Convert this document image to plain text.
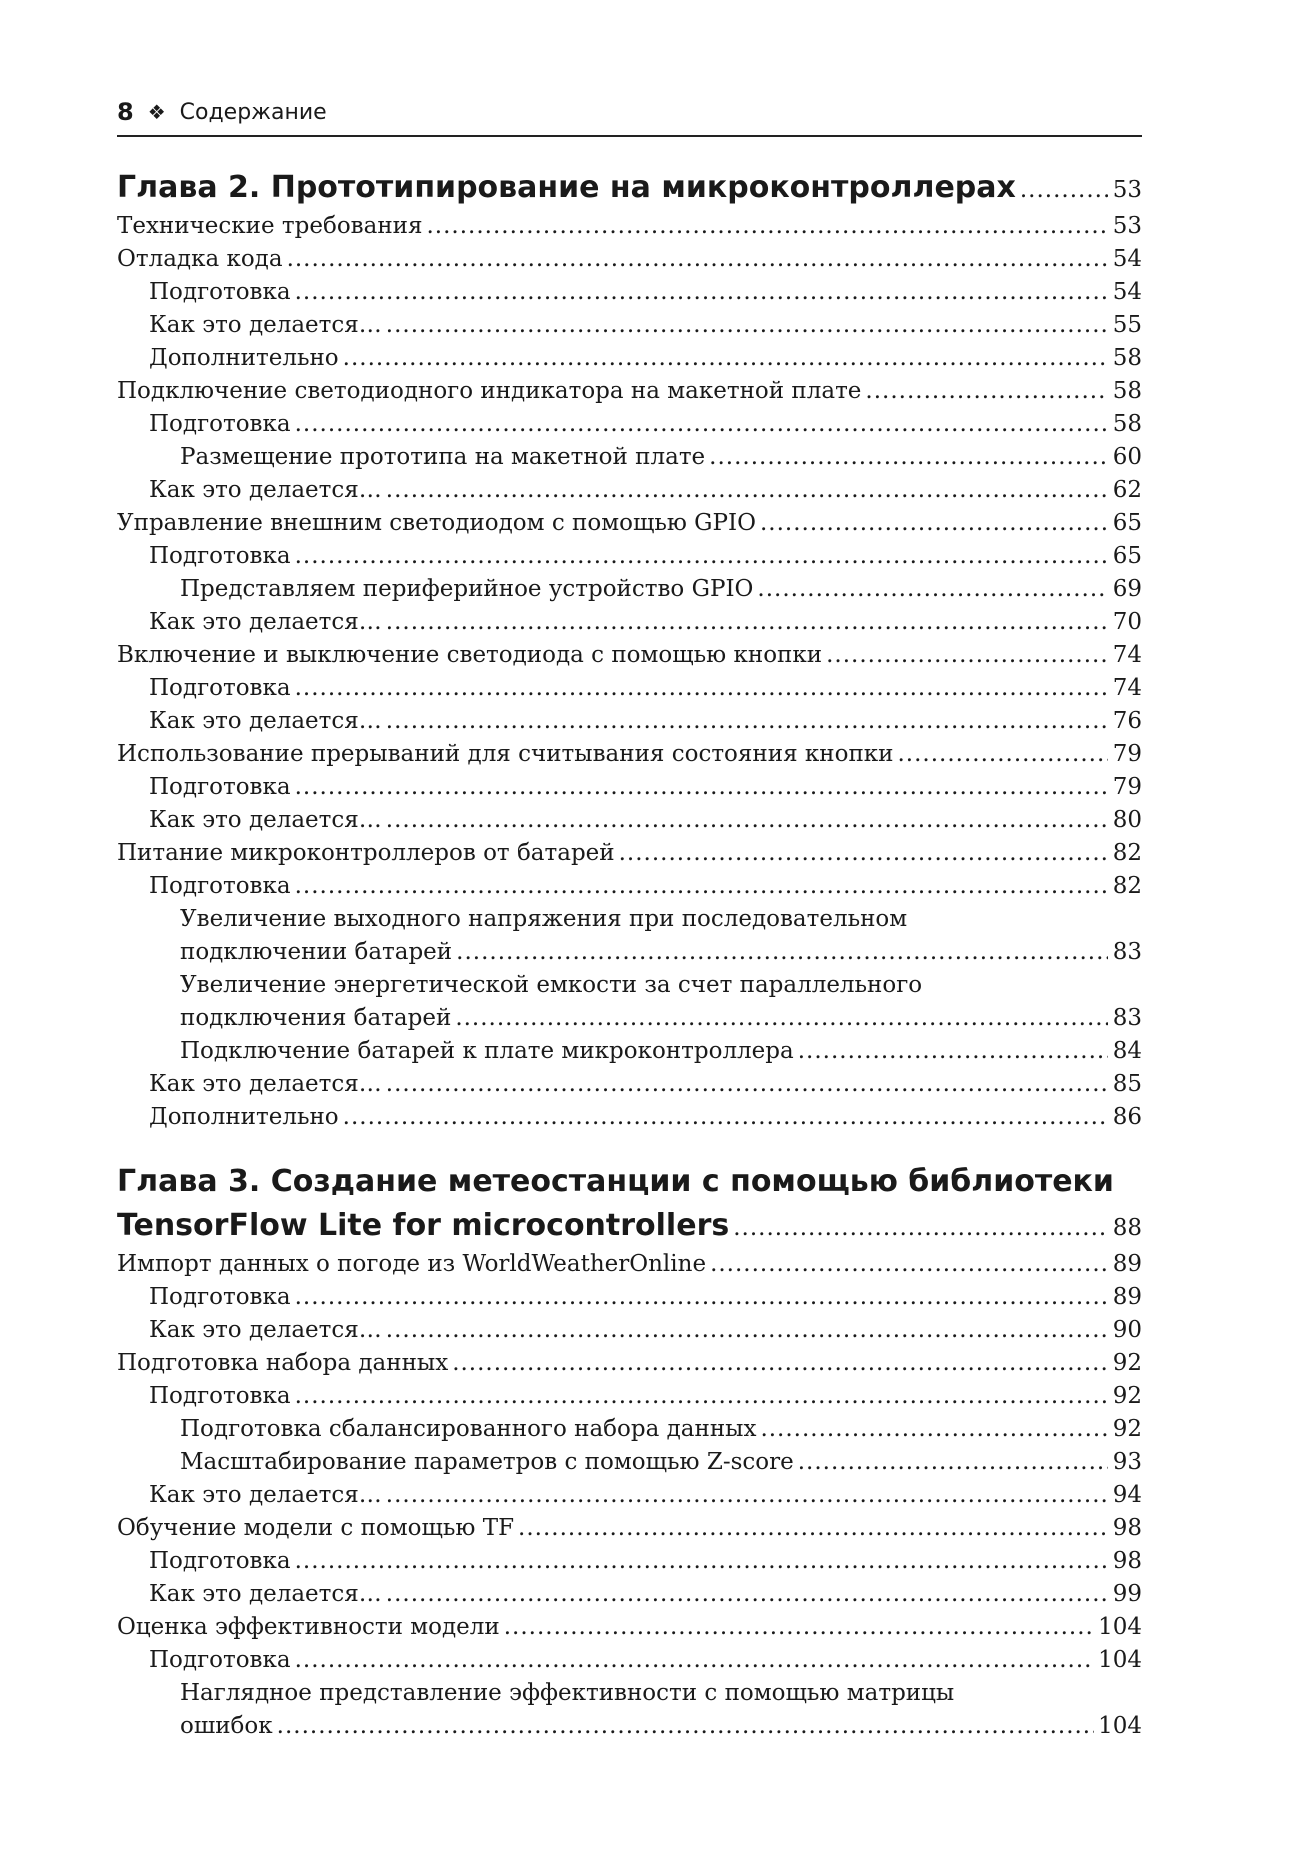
8 ❖ Содержание
Глава 2. Прототипирование на микроконтроллерах .....	53
Технические требования .....	53
Отладка кода .....	54
Подготовка .....	54
Как это делается… .....	55
Дополнительно .....	58
Подключение светодиодного индикатора на макетной плате .....	58
Подготовка .....	58
Размещение прототипа на макетной плате .....	60
Как это делается… .....	62
Управление внешним светодиодом с помощью GPIO .....	65
Подготовка .....	65
Представляем периферийное устройство GPIO .....	69
Как это делается… .....	70
Включение и выключение светодиода с помощью кнопки .....	74
Подготовка .....	74
Как это делается… .....	76
Использование прерываний для считывания состояния кнопки .....	79
Подготовка .....	79
Как это делается… .....	80
Питание микроконтроллеров от батарей .....	82
Подготовка .....	82
Увеличение выходного напряжения при последовательном
подключении батарей .....	83
Увеличение энергетической емкости за счет параллельного
подключения батарей .....	83
Подключение батарей к плате микроконтроллера .....	84
Как это делается… .....	85
Дополнительно .....	86
Глава 3. Создание метеостанции с помощью библиотеки
TensorFlow Lite for microcontrollers .....	88
Импорт данных о погоде из WorldWeatherOnline .....	89
Подготовка .....	89
Как это делается… .....	90
Подготовка набора данных .....	92
Подготовка .....	92
Подготовка сбалансированного набора данных .....	92
Масштабирование параметров с помощью Z-score .....	93
Как это делается… .....	94
Обучение модели с помощью TF .....	98
Подготовка .....	98
Как это делается… .....	99
Оценка эффективности модели .....	104
Подготовка .....	104
Наглядное представление эффективности с помощью матрицы
ошибок .....	104
